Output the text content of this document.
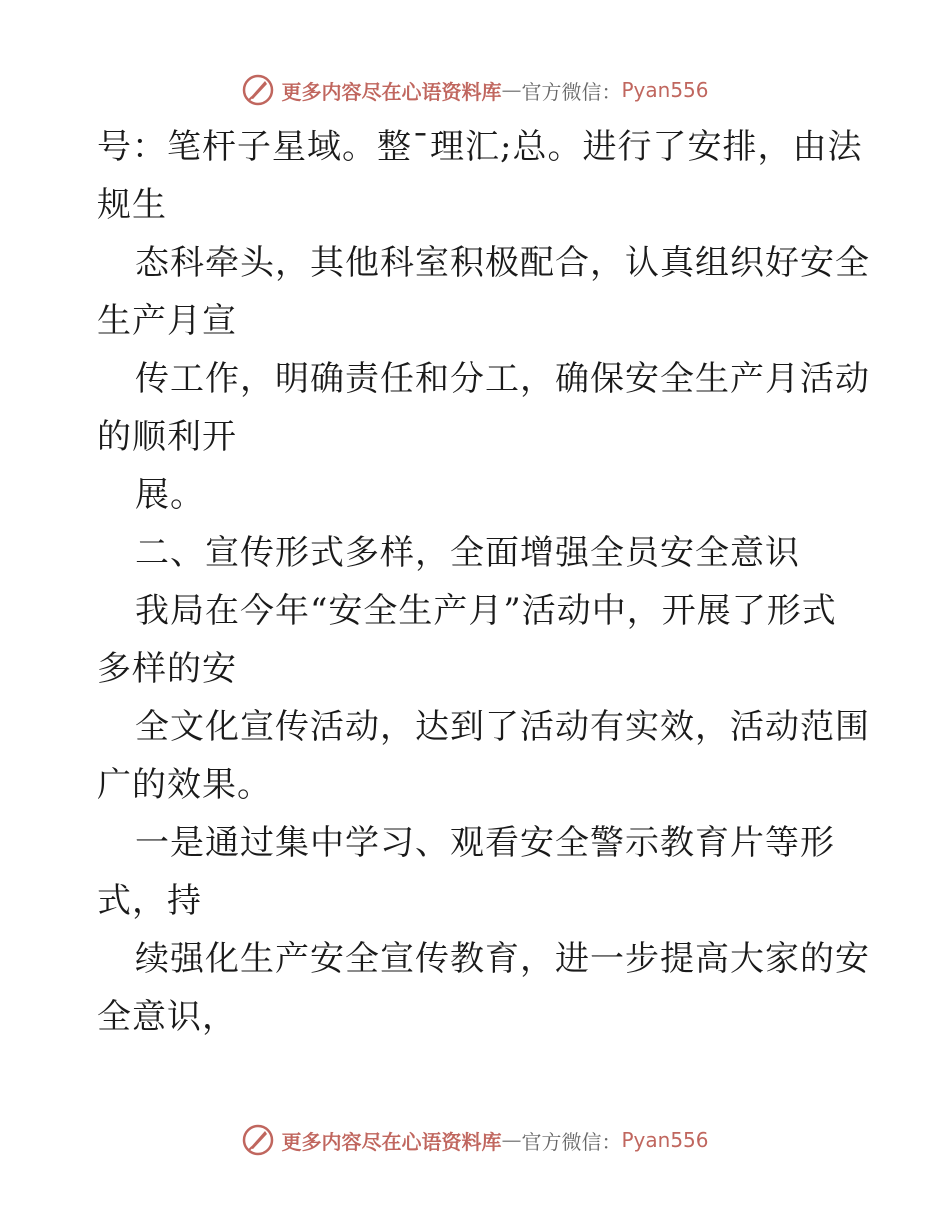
更多内容尽在心语资料库 — 官方微信： Pyan556
号：笔杆子星域。整¯理汇;总。进行了安排，由法
规生
态科牵头，其他科室积极配合，认真组织好安全
生产月宣
传工作，明确责任和分工，确保安全生产月活动
的顺利开
展。
二、宣传形式多样，全面增强全员安全意识
我局在今年“安全生产月”活动中，开展了形式
多样的安
全文化宣传活动，达到了活动有实效，活动范围
广的效果。
一是通过集中学习、观看安全警示教育片等形
式，持
续强化生产安全宣传教育，进一步提高大家的安
全意识，
更多内容尽在心语资料库 — 官方微信： Pyan556
